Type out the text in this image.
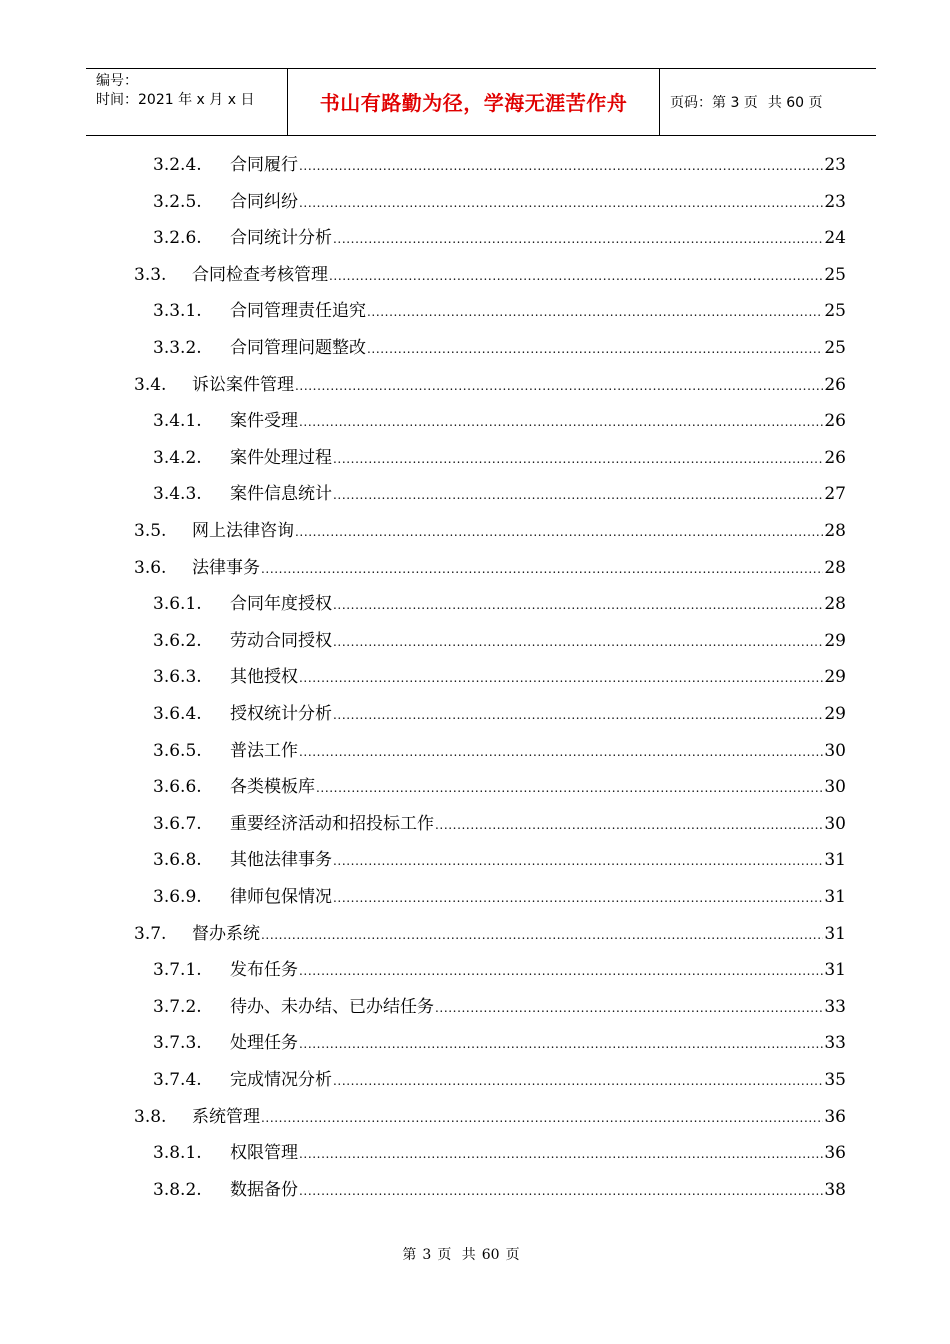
编号：
时间：2021 年 x 月 x 日	书山有路勤为径，学海无涯苦作舟	页码：第 3 页 共 60 页
3.2.4.	合同履行 .....	23
3.2.5.	合同纠纷 .....	23
3.2.6.	合同统计分析 .....	24
3.3.	合同检查考核管理 .....	25
3.3.1.	合同管理责任追究 .....	25
3.3.2.	合同管理问题整改 .....	25
3.4.	诉讼案件管理 .....	26
3.4.1.	案件受理 .....	26
3.4.2.	案件处理过程 .....	26
3.4.3.	案件信息统计 .....	27
3.5.	网上法律咨询 .....	28
3.6.	法律事务 .....	28
3.6.1.	合同年度授权 .....	28
3.6.2.	劳动合同授权 .....	29
3.6.3.	其他授权 .....	29
3.6.4.	授权统计分析 .....	29
3.6.5.	普法工作 .....	30
3.6.6.	各类模板库 .....	30
3.6.7.	重要经济活动和招投标工作 .....	30
3.6.8.	其他法律事务 .....	31
3.6.9.	律师包保情况 .....	31
3.7.	督办系统 .....	31
3.7.1.	发布任务 .....	31
3.7.2.	待办、未办结、已办结任务 .....	33
3.7.3.	处理任务 .....	33
3.7.4.	完成情况分析 .....	35
3.8.	系统管理 .....	36
3.8.1.	权限管理 .....	36
3.8.2.	数据备份 .....	38
第 3 页 共 60 页
